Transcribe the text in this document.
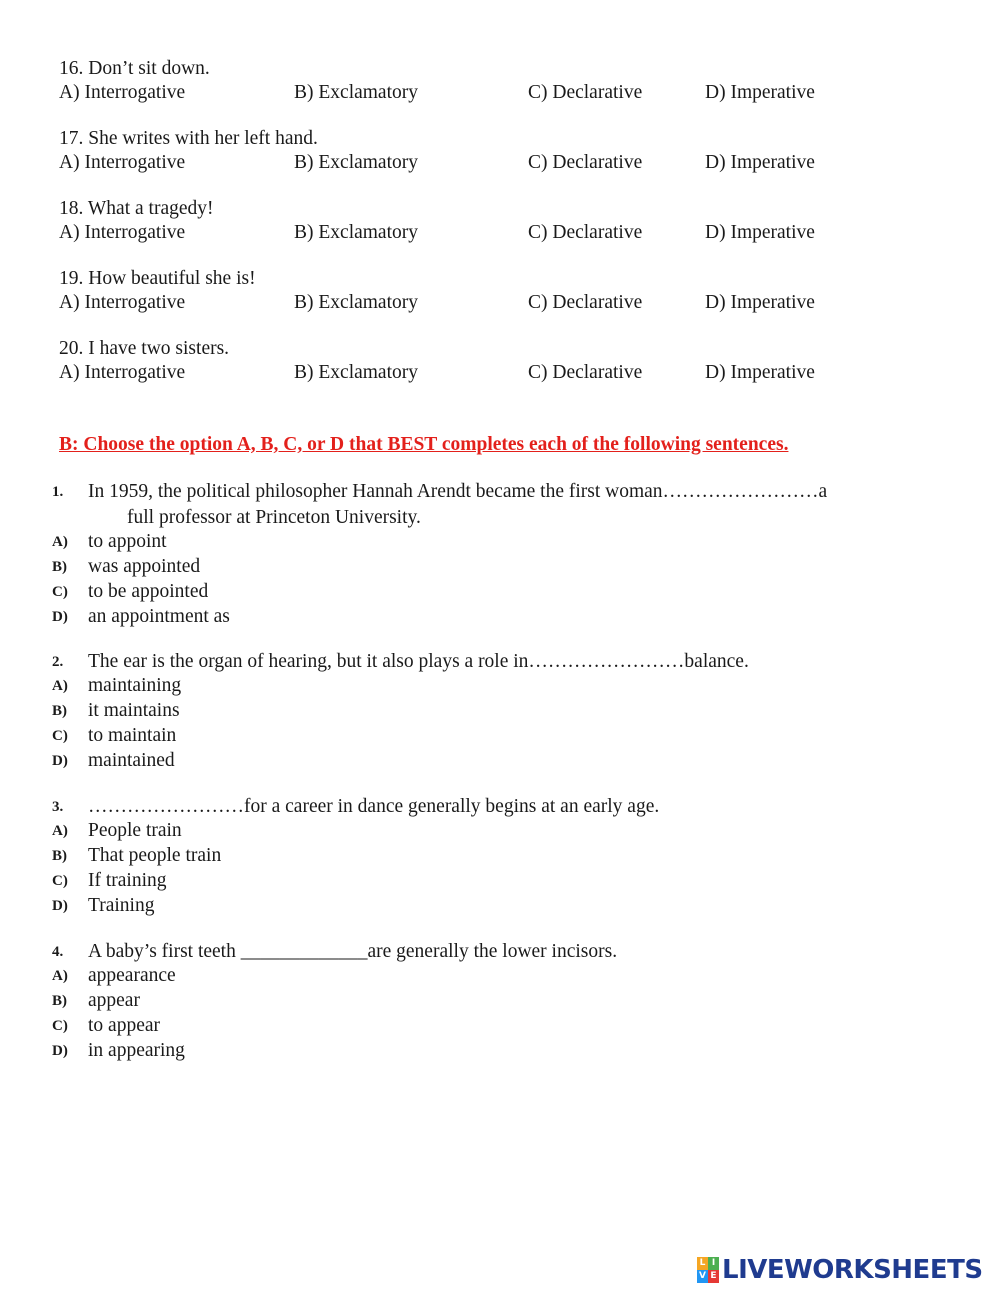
16. Don’t sit down.
A) Interrogative	B) Exclamatory	C) Declarative	D) Imperative
17. She writes with her left hand.
A) Interrogative	B) Exclamatory	C) Declarative	D) Imperative
18. What a tragedy!
A) Interrogative	B) Exclamatory	C) Declarative	D) Imperative
19. How beautiful she is!
A) Interrogative	B) Exclamatory	C) Declarative	D) Imperative
20. I have two sisters.
A) Interrogative	B) Exclamatory	C) Declarative	D) Imperative
B: Choose the option A, B, C, or D that BEST completes each of the following sentences.
1. In 1959, the political philosopher Hannah Arendt became the first woman……………………a
full professor at Princeton University.
A) to appoint
B) was appointed
C) to be appointed
D) an appointment as
2. The ear is the organ of hearing, but it also plays a role in……………………balance.
A) maintaining
B) it maintains
C) to maintain
D) maintained
3. ……………………for a career in dance generally begins at an early age.
A) People train
B) That people train
C) If training
D) Training
4. A baby’s first teeth _____________are generally the lower incisors.
A) appearance
B) appear
C) to appear
D) in appearing
L I
V E LIVEWORKSHEETS
